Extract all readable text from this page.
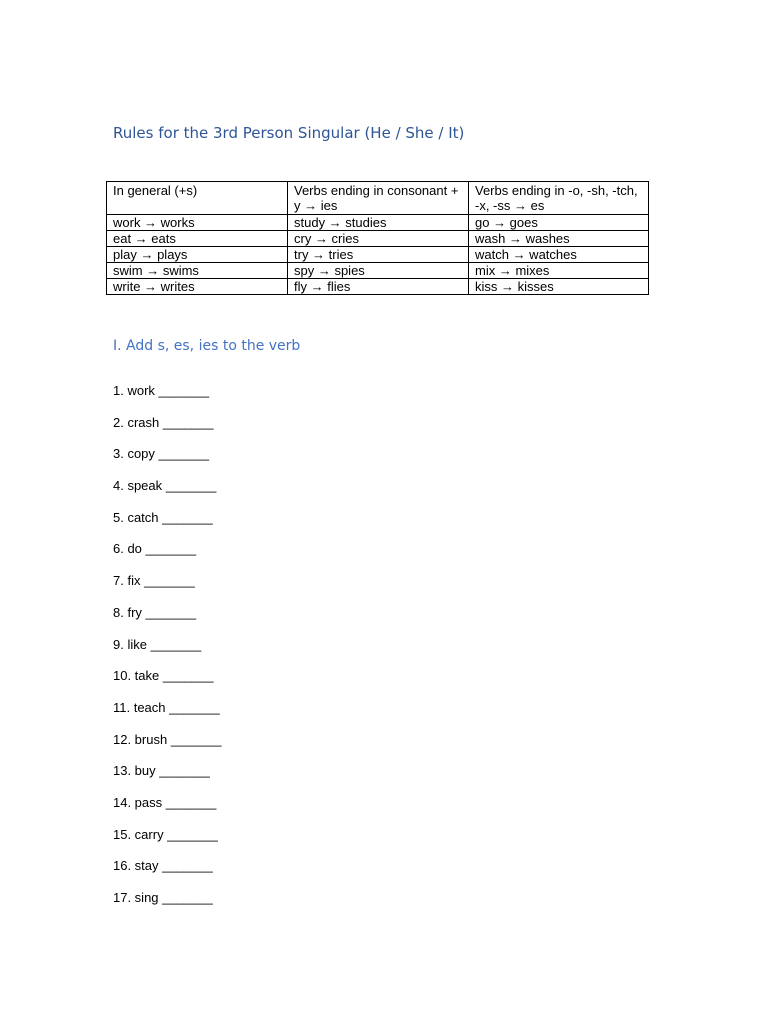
Rules for the 3rd Person Singular (He / She / It)
In general (+s)	Verbs ending in consonant + y → ies	Verbs ending in -o, -sh, -tch, -x, -ss → es
work → works	study → studies	go → goes
eat → eats	cry → cries	wash → washes
play → plays	try → tries	watch → watches
swim → swims	spy → spies	mix → mixes
write → writes	fly → flies	kiss → kisses
I. Add s, es, ies to the verb
1. work _______
2. crash _______
3. copy _______
4. speak _______
5. catch _______
6. do _______
7. fix _______
8. fry _______
9. like _______
10. take _______
11. teach _______
12. brush _______
13. buy _______
14. pass _______
15. carry _______
16. stay _______
17. sing _______
